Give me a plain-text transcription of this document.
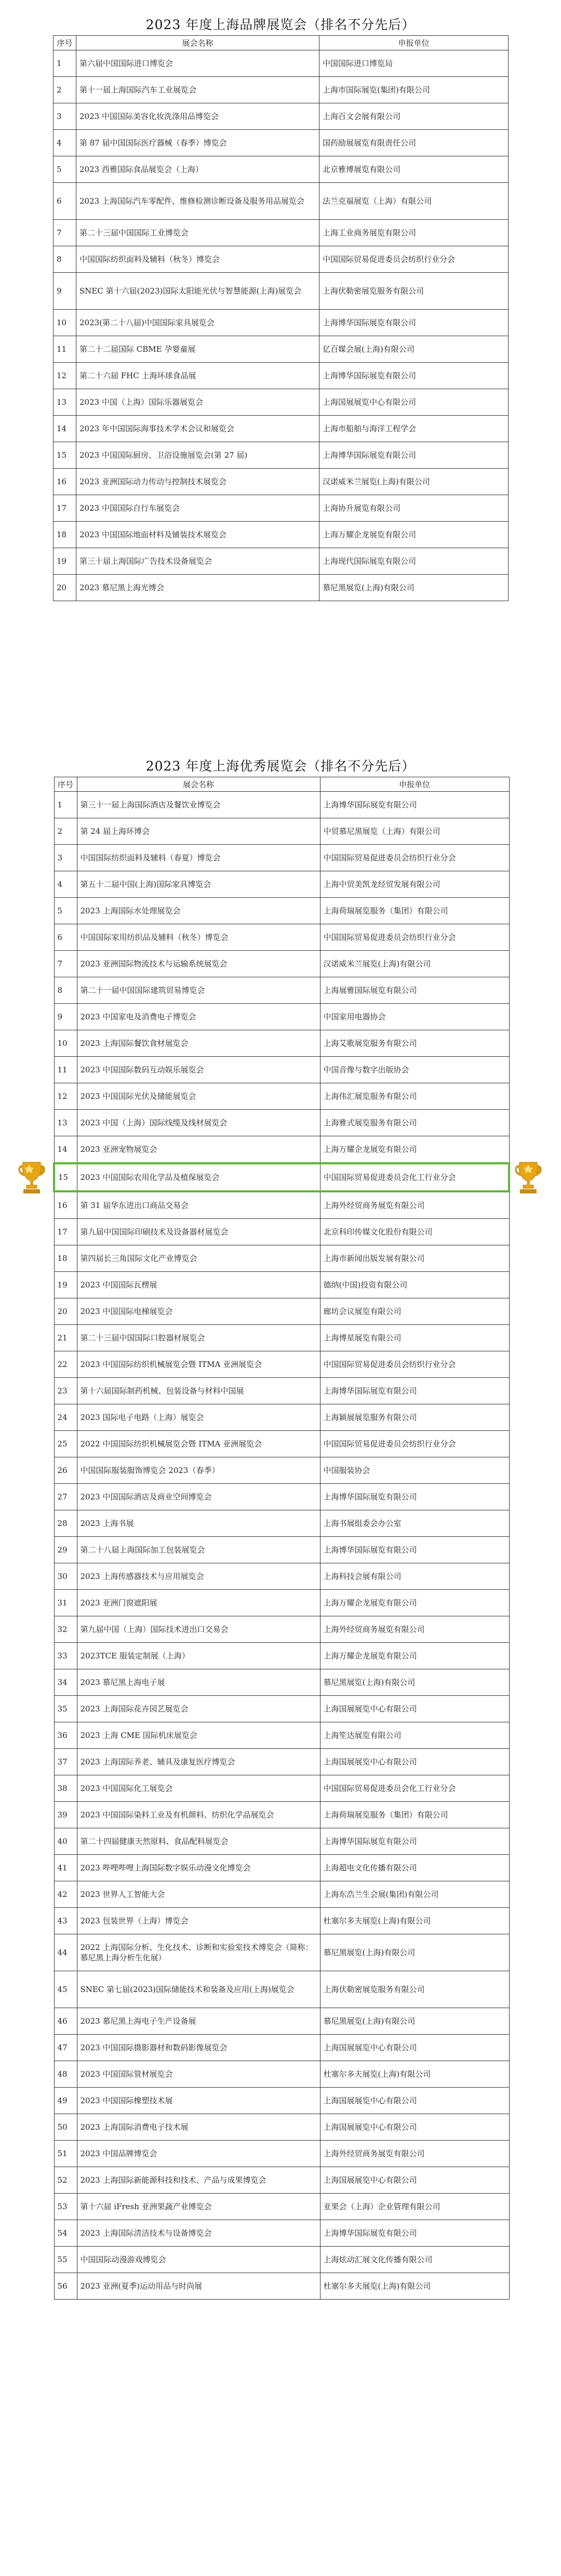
2023 年度上海品牌展览会（排名不分先后）
序号	展会名称	申报单位
1	第六届中国国际进口博览会	中国国际进口博览局
2	第十一届上海国际汽车工业展览会	上海市国际展览(集团)有限公司
3	2023 中国国际美容化妆洗涤用品博览会	上海百文会展有限公司
4	第 87 届中国国际医疗器械（春季）博览会	国药励展展览有限责任公司
5	2023 西雅国际食品展览会（上海）	北京雅博展览有限公司
6	2023 上海国际汽车零配件、维修检测诊断设备及服务用品展览会	法兰克福展览（上海）有限公司
7	第二十三届中国国际工业博览会	上海工业商务展览有限公司
8	中国国际纺织面料及辅料（秋冬）博览会	中国国际贸易促进委员会纺织行业分会
9	SNEC 第十六届(2023)国际太阳能光伏与智慧能源(上海)展览会	上海伏勒密展览服务有限公司
10	2023(第二十八届)中国国际家具展览会	上海博华国际展览有限公司
11	第二十二届国际 CBME 孕婴童展	亿百媒会展(上海)有限公司
12	第二十六届 FHC 上海环球食品展	上海博华国际展览有限公司
13	2023 中国（上海）国际乐器展览会	上海国展展览中心有限公司
14	2023 年中国国际海事技术学术会议和展览会	上海市船舶与海洋工程学会
15	2023 中国国际厨房、卫浴设施展览会(第 27 届)	上海博华国际展览有限公司
16	2023 亚洲国际动力传动与控制技术展览会	汉诺威米兰展览(上海)有限公司
17	2023 中国国际自行车展览会	上海协升展览有限公司
18	2023 中国国际地面材料及铺装技术展览会	上海万耀企龙展览有限公司
19	第三十届上海国际广告技术设备展览会	上海现代国际展览有限公司
20	2023 慕尼黑上海光博会	慕尼黑展览(上海)有限公司
2023 年度上海优秀展览会（排名不分先后）
序号	展会名称	申报单位
1	第三十一届上海国际酒店及餐饮业博览会	上海博华国际展览有限公司
2	第 24 届上海环博会	中贸慕尼黑展览（上海）有限公司
3	中国国际纺织面料及辅料（春夏）博览会	中国国际贸易促进委员会纺织行业分会
4	第五十二届中国(上海)国际家具博览会	上海中贸美凯龙经贸发展有限公司
5	2023 上海国际水处理展览会	上海荷瑞展览服务（集团）有限公司
6	中国国际家用纺织品及辅料（秋冬）博览会	中国国际贸易促进委员会纺织行业分会
7	2023 亚洲国际物流技术与运输系统展览会	汉诺威米兰展览(上海)有限公司
8	第二十一届中国国际建筑贸易博览会	上海展雅国际展览有限公司
9	2023 中国家电及消费电子博览会	中国家用电器协会
10	2023 上海国际餐饮食材展览会	上海艾歌展览服务有限公司
11	2023 中国国际数码互动娱乐展览会	中国音像与数字出版协会
12	2023 中国国际光伏及储能展览会	上海伟汇展览服务有限公司
13	2023 中国（上海）国际线缆及线材展览会	上海雅式展览服务有限公司
14	2023 亚洲宠物展览会	上海万耀企龙展览有限公司
15	2023 中国国际农用化学品及植保展览会	中国国际贸易促进委员会化工行业分会
16	第 31 届华东进出口商品交易会	上海外经贸商务展览有限公司
17	第九届中国国际印刷技术及设备器材展览会	北京科印传媒文化股份有限公司
18	第四届长三角国际文化产业博览会	上海市新闻出版发展有限公司
19	2023 中国国际瓦楞展	德纳(中国)投资有限公司
20	2023 中国国际电梯展览会	廊坊会议展览有限公司
21	第二十三届中国国际口腔器材展览会	上海博星展览有限公司
22	2023 中国国际纺织机械展览会暨 ITMA 亚洲展览会	中国国际贸易促进委员会纺织行业分会
23	第十六届国际制药机械、包装设备与材料中国展	上海博华国际展览有限公司
24	2023 国际电子电路（上海）展览会	上海颖展展览服务有限公司
25	2022 中国国际纺织机械展览会暨 ITMA 亚洲展览会	中国国际贸易促进委员会纺织行业分会
26	中国国际服装服饰博览会 2023（春季）	中国服装协会
27	2023 中国国际酒店及商业空间博览会	上海博华国际展览有限公司
28	2023 上海书展	上海书展组委会办公室
29	第二十八届上海国际加工包装展览会	上海博华国际展览有限公司
30	2023 上海传感器技术与应用展览会	上海科技会展有限公司
31	2023 亚洲门窗遮阳展	上海万耀企龙展览有限公司
32	第九届中国（上海）国际技术进出口交易会	上海外经贸商务展览有限公司
33	2023TCE 服装定制展（上海）	上海万耀企龙展览有限公司
34	2023 慕尼黑上海电子展	慕尼黑展览(上海)有限公司
35	2023 上海国际花卉园艺展览会	上海国展展览中心有限公司
36	2023 上海 CME 国际机床展览会	上海笙达展览有限公司
37	2023 上海国际养老、辅具及康复医疗博览会	上海国展展览中心有限公司
38	2023 中国国际化工展览会	中国国际贸易促进委员会化工行业分会
39	2023 中国国际染料工业及有机颜料、纺织化学品展览会	上海荷瑞展览服务（集团）有限公司
40	第二十四届健康天然原料、食品配料展览会	上海博华国际展览有限公司
41	2023 哔哩哔哩上海国际数字娱乐动漫文化博览会	上海超电文化传播有限公司
42	2023 世界人工智能大会	上海东浩兰生会展(集团)有限公司
43	2023 包装世界（上海）博览会	杜塞尔多夫展览(上海)有限公司
44	2022 上海国际分析、生化技术、诊断和实验室技术博览会（简称：慕尼黑上海分析生化展）	慕尼黑展览(上海)有限公司
45	SNEC 第七届(2023)国际储能技术和装备及应用(上海)展览会	上海伏勒密展览服务有限公司
46	2023 慕尼黑上海电子生产设备展	慕尼黑展览(上海)有限公司
47	2023 中国国际摄影器材和数码影像展览会	上海国展展览中心有限公司
48	2023 中国国际管材展览会	杜塞尔多夫展览(上海)有限公司
49	2023 中国国际橡塑技术展	上海国展展览中心有限公司
50	2023 上海国际消费电子技术展	上海国展展览中心有限公司
51	2023 中国品牌博览会	上海外经贸商务展览有限公司
52	2023 上海国际新能源科技和技术、产品与成果博览会	上海国展展览中心有限公司
53	第十六届 iFresh 亚洲果蔬产业博览会	亚果会（上海）企业管理有限公司
54	2023 上海国际清洁技术与设备博览会	上海博华国际展览有限公司
55	中国国际动漫游戏博览会	上海炫动汇展文化传播有限公司
56	2023 亚洲(夏季)运动用品与时尚展	杜塞尔多夫展览(上海)有限公司
